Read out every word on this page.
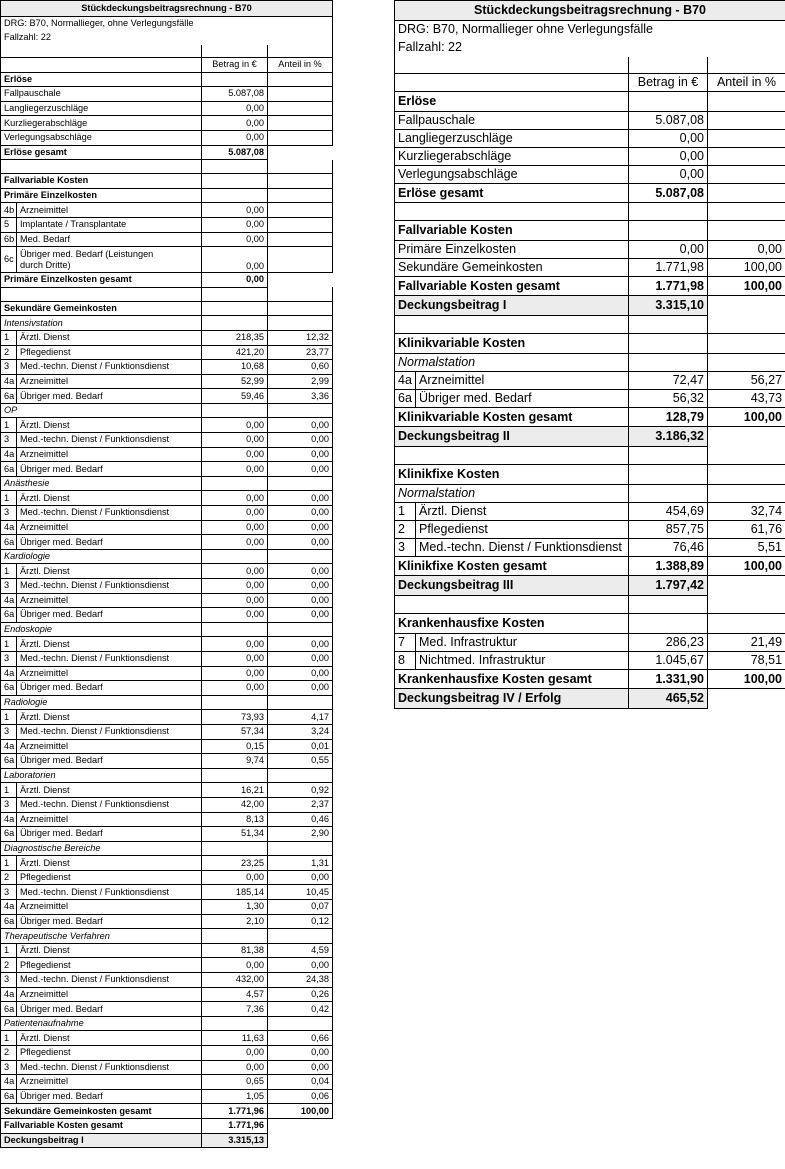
Stückdeckungsbeitragsrechnung - B70			
DRG: B70, Normallieger, ohne Verlegungsfälle			
Fallzahl: 22			

		Betrag in €	Anteil in %
Erlöse			
Fallpauschale		5.087,08	
Langliegerzuschläge		0,00	
Kurzliegerabschläge		0,00	
Verlegungsabschläge		0,00	
Erlöse gesamt		5.087,08	

Fallvariable Kosten			
Primäre Einzelkosten			
4b	Arzneimittel	0,00	
5	Implantate / Transplantate	0,00	
6b	Med. Bedarf	0,00	
6c	Übriger med. Bedarf (Leistungen
durch Dritte)	0,00	
Primäre Einzelkosten gesamt		0,00	

Sekundäre Gemeinkosten			
Intensivstation			
1	Ärztl. Dienst	218,35	12,32
2	Pflegedienst	421,20	23,77
3	Med.-techn. Dienst / Funktionsdienst	10,68	0,60
4a	Arzneimittel	52,99	2,99
6a	Übriger med. Bedarf	59,46	3,36
OP			
1	Ärztl. Dienst	0,00	0,00
3	Med.-techn. Dienst / Funktionsdienst	0,00	0,00
4a	Arzneimittel	0,00	0,00
6a	Übriger med. Bedarf	0,00	0,00
Anästhesie			
1	Ärztl. Dienst	0,00	0,00
3	Med.-techn. Dienst / Funktionsdienst	0,00	0,00
4a	Arzneimittel	0,00	0,00
6a	Übriger med. Bedarf	0,00	0,00
Kardiologie			
1	Ärztl. Dienst	0,00	0,00
3	Med.-techn. Dienst / Funktionsdienst	0,00	0,00
4a	Arzneimittel	0,00	0,00
6a	Übriger med. Bedarf	0,00	0,00
Endoskopie			
1	Ärztl. Dienst	0,00	0,00
3	Med.-techn. Dienst / Funktionsdienst	0,00	0,00
4a	Arzneimittel	0,00	0,00
6a	Übriger med. Bedarf	0,00	0,00
Radiologie			
1	Ärztl. Dienst	73,93	4,17
3	Med.-techn. Dienst / Funktionsdienst	57,34	3,24
4a	Arzneimittel	0,15	0,01
6a	Übriger med. Bedarf	9,74	0,55
Laboratorien			
1	Ärztl. Dienst	16,21	0,92
3	Med.-techn. Dienst / Funktionsdienst	42,00	2,37
4a	Arzneimittel	8,13	0,46
6a	Übriger med. Bedarf	51,34	2,90
Diagnostische Bereiche			
1	Ärztl. Dienst	23,25	1,31
2	Pflegedienst	0,00	0,00
3	Med.-techn. Dienst / Funktionsdienst	185,14	10,45
4a	Arzneimittel	1,30	0,07
6a	Übriger med. Bedarf	2,10	0,12
Therapeutische Verfahren			
1	Ärztl. Dienst	81,38	4,59
2	Pflegedienst	0,00	0,00
3	Med.-techn. Dienst / Funktionsdienst	432,00	24,38
4a	Arzneimittel	4,57	0,26
6a	Übriger med. Bedarf	7,36	0,42
Patientenaufnahme			
1	Ärztl. Dienst	11,63	0,66
2	Pflegedienst	0,00	0,00
3	Med.-techn. Dienst / Funktionsdienst	0,00	0,00
4a	Arzneimittel	0,65	0,04
6a	Übriger med. Bedarf	1,05	0,06
Sekundäre Gemeinkosten gesamt		1.771,96	100,00
Fallvariable Kosten gesamt		1.771,96	
Deckungsbeitrag I		3.315,13	
Stückdeckungsbeitragsrechnung - B70			
DRG: B70, Normallieger ohne Verlegungsfälle			
Fallzahl: 22			

		Betrag in €	Anteil in %
Erlöse			
Fallpauschale		5.087,08	
Langliegerzuschläge		0,00	
Kurzliegerabschläge		0,00	
Verlegungsabschläge		0,00	
Erlöse gesamt		5.087,08	

Fallvariable Kosten			
Primäre Einzelkosten		0,00	0,00
Sekundäre Gemeinkosten		1.771,98	100,00
Fallvariable Kosten gesamt		1.771,98	100,00
Deckungsbeitrag I		3.315,10	

Klinikvariable Kosten			
Normalstation			
4a	Arzneimittel	72,47	56,27
6a	Übriger med. Bedarf	56,32	43,73
Klinikvariable Kosten gesamt		128,79	100,00
Deckungsbeitrag II		3.186,32	

Klinikfixe Kosten			
Normalstation			
1	Ärztl. Dienst	454,69	32,74
2	Pflegedienst	857,75	61,76
3	Med.-techn. Dienst / Funktionsdienst	76,46	5,51
Klinikfixe Kosten gesamt		1.388,89	100,00
Deckungsbeitrag III		1.797,42	

Krankenhausfixe Kosten			
7	Med. Infrastruktur	286,23	21,49
8	Nichtmed. Infrastruktur	1.045,67	78,51
Krankenhausfixe Kosten gesamt		1.331,90	100,00
Deckungsbeitrag IV / Erfolg		465,52	
